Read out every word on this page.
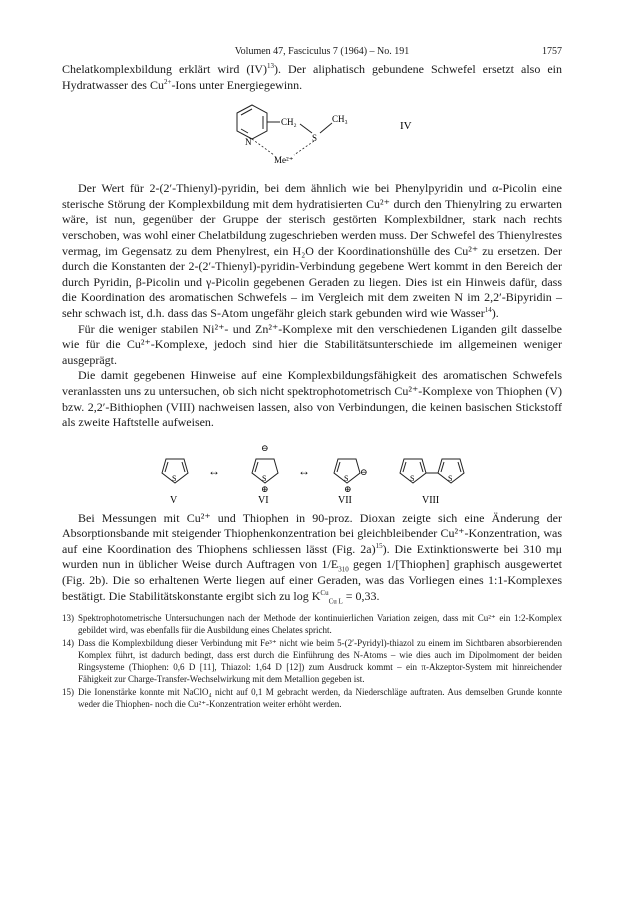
Volumen 47, Fasciculus 7 (1964) – No. 191	1757

Chelatkomplexbildung erklärt wird (IV)$^{13}$). Der aliphatisch gebundene Schwefel ersetzt also ein Hydratwasser des $Cu^{2+}$-Ions unter Energiegewinn.

N
CH₂
S
CH₃
Me²⁺
IV

Der Wert für 2-(2′-Thienyl)-pyridin, bei dem ähnlich wie bei Phenylpyridin und α-Picolin eine sterische Störung der Komplexbildung mit dem hydratisierten Cu²⁺ durch den Thienylring zu erwarten wäre, ist nun, gegenüber der Gruppe der sterisch gestörten Komplexbildner, stark nach rechts verschoben, was wohl einer Chelatbildung zugeschrieben werden muss. Der Schwefel des Thienylrestes vermag, im Gegensatz zu dem Phenylrest, ein H₂O der Koordinationshülle des Cu²⁺ zu ersetzen. Der durch die Konstanten der 2-(2′-Thienyl)-pyridin-Verbindung gegebene Wert kommt in den Bereich der durch Pyridin, β-Picolin und γ-Picolin gegebenen Geraden zu liegen. Dies ist ein Hinweis dafür, dass die Koordination des aromatischen Schwefels – im Vergleich mit dem zweiten N im 2,2′-Bipyridin – sehr schwach ist, d.h. dass das S-Atom ungefähr gleich stark gebunden wird wie Wasser$^{14}$).

Für die weniger stabilen Ni²⁺- und Zn²⁺-Komplexe mit den verschiedenen Liganden gilt dasselbe wie für die Cu²⁺-Komplexe, jedoch sind hier die Stabilitätsunterschiede im allgemeinen weniger ausgeprägt.

Die damit gegebenen Hinweise auf eine Komplexbildungsfähigkeit des aromatischen Schwefels veranlassten uns zu untersuchen, ob sich nicht spektrophotometrisch Cu²⁺-Komplexe von Thiophen (V) bzw. 2,2′-Bithiophen (VIII) nachweisen lassen, also von Verbindungen, die keinen basischen Stickstoff als zweite Haftstelle aufweisen.

S
V
↔
⊖
S
⊕
VI
↔
S
⊖
⊕
VII
S	S
VIII

Bei Messungen mit Cu²⁺ und Thiophen in 90-proz. Dioxan zeigte sich eine Änderung der Absorptionsbande mit steigender Thiophenkonzentration bei gleichbleibender Cu²⁺-Konzentration, was auf eine Koordination des Thiophens schliessen lässt (Fig. 2a)$^{15}$). Die Extinktionswerte bei 310 mμ wurden nun in üblicher Weise durch Auftragen von $1/E_{310}$ gegen 1/[Thiophen] graphisch ausgewertet (Fig. 2b). Die so erhaltenen Werte liegen auf einer Geraden, was das Vorliegen eines 1:1-Komplexes bestätigt. Die Stabilitätskonstante ergibt sich zu $\log K^{Cu}_{Cu L} = 0,33$.

13) Spektrophotometrische Untersuchungen nach der Methode der kontinuierlichen Variation zeigen, dass mit Cu²⁺ ein 1:2-Komplex gebildet wird, was ebenfalls für die Ausbildung eines Chelates spricht.
14) Dass die Komplexbildung dieser Verbindung mit Fe³⁺ nicht wie beim 5-(2′-Pyridyl)-thiazol zu einem im Sichtbaren absorbierenden Komplex führt, ist dadurch bedingt, dass erst durch die Einführung des N-Atoms – wie dies auch im Dipolmoment der beiden Ringsysteme (Thiophen: 0,6 D [11], Thiazol: 1,64 D [12]) zum Ausdruck kommt – ein π-Akzeptor-System mit hinreichender Fähigkeit zur Charge-Transfer-Wechselwirkung mit dem Metallion gegeben ist.
15) Die Ionenstärke konnte mit NaClO₄ nicht auf 0,1 M gebracht werden, da Niederschläge auftraten. Aus demselben Grunde konnte weder die Thiophen- noch die Cu²⁺-Konzentration weiter erhöht werden.
